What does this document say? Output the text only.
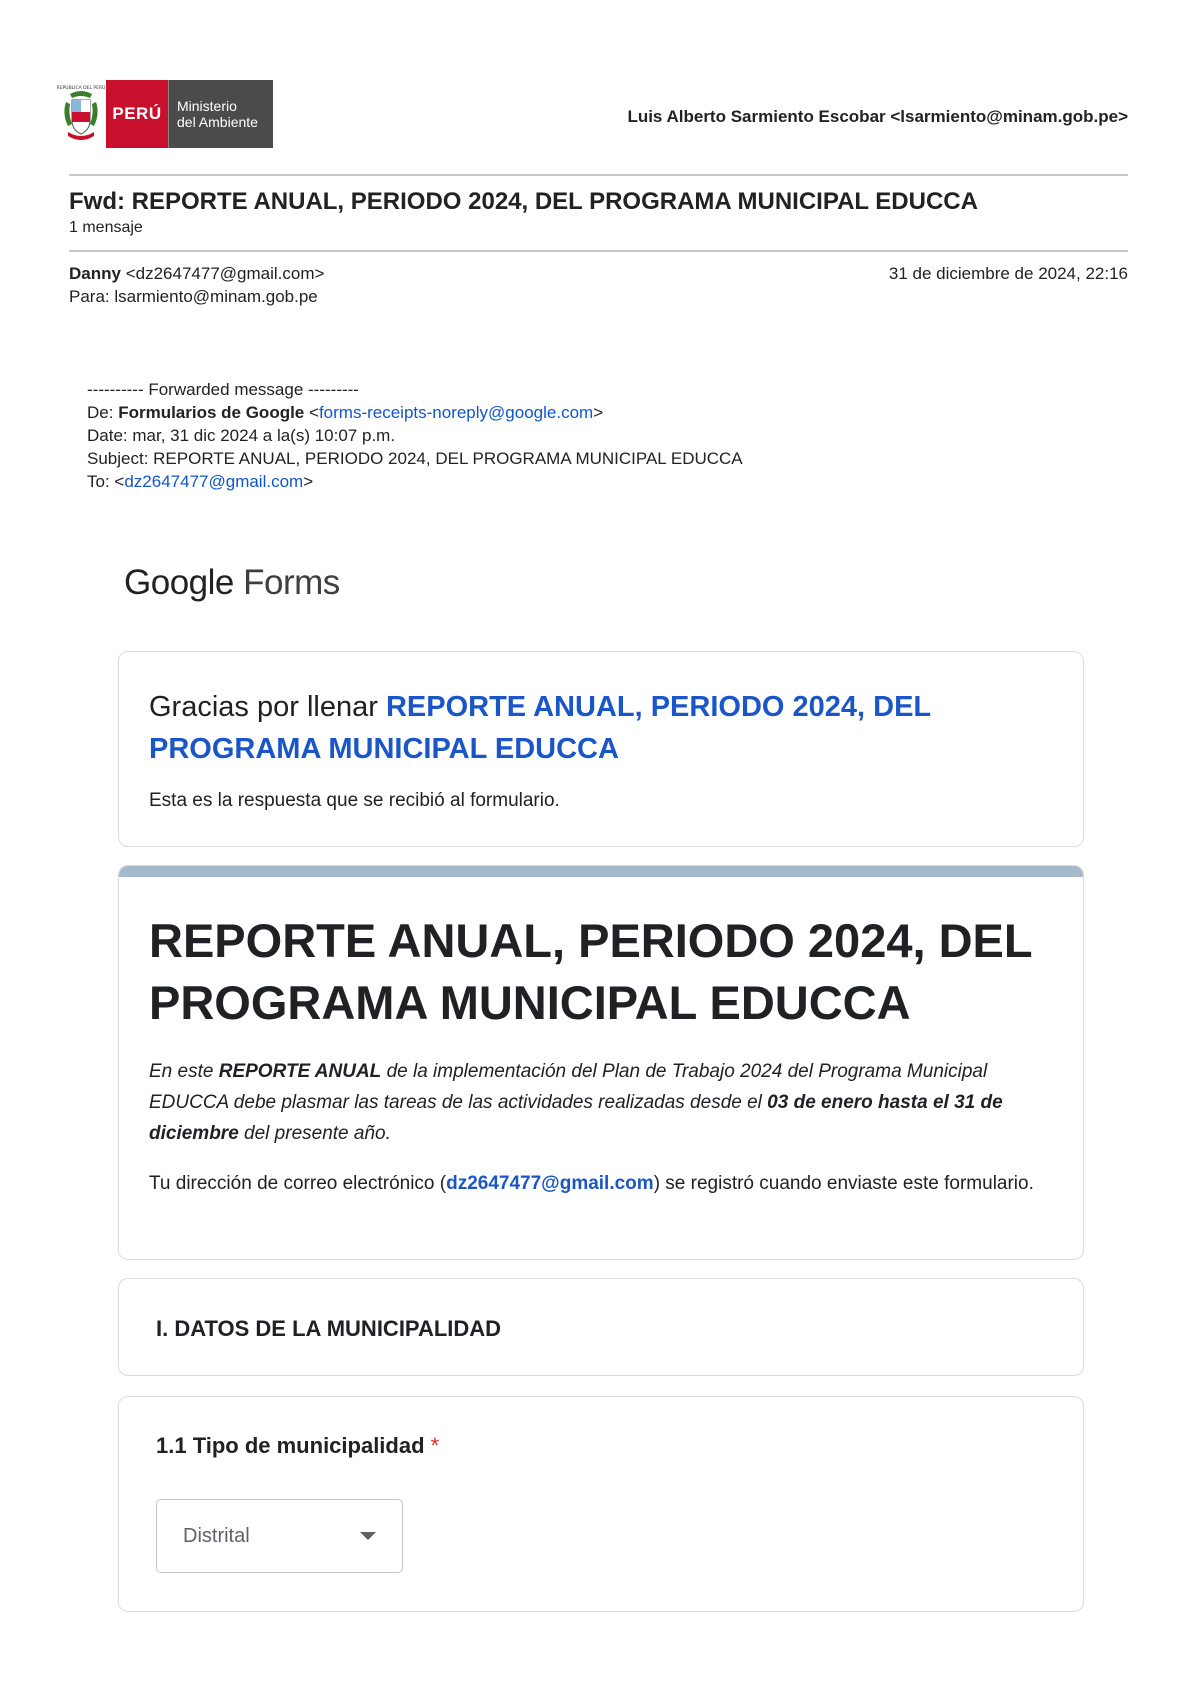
REPÚBLICA DEL PERÚ
PERÚ	Ministerio
del Ambiente	Luis Alberto Sarmiento Escobar <lsarmiento@minam.gob.pe>
Fwd: REPORTE ANUAL, PERIODO 2024, DEL PROGRAMA MUNICIPAL EDUCCA
1 mensaje
Danny <dz2647477@gmail.com>	31 de diciembre de 2024, 22:16
Para: lsarmiento@minam.gob.pe
---------- Forwarded message ---------
De: Formularios de Google <forms-receipts-noreply@google.com>
Date: mar, 31 dic 2024 a la(s) 10:07 p.m.
Subject: REPORTE ANUAL, PERIODO 2024, DEL PROGRAMA MUNICIPAL EDUCCA
To: <dz2647477@gmail.com>
Google Forms
Gracias por llenar REPORTE ANUAL, PERIODO 2024, DEL PROGRAMA MUNICIPAL EDUCCA
Esta es la respuesta que se recibió al formulario.
REPORTE ANUAL, PERIODO 2024, DEL PROGRAMA MUNICIPAL EDUCCA
En este REPORTE ANUAL de la implementación del Plan de Trabajo 2024 del Programa Municipal EDUCCA debe plasmar las tareas de las actividades realizadas desde el 03 de enero hasta el 31 de diciembre del presente año.
Tu dirección de correo electrónico (dz2647477@gmail.com) se registró cuando enviaste este formulario.
I. DATOS DE LA MUNICIPALIDAD
1.1 Tipo de municipalidad *
Distrital
